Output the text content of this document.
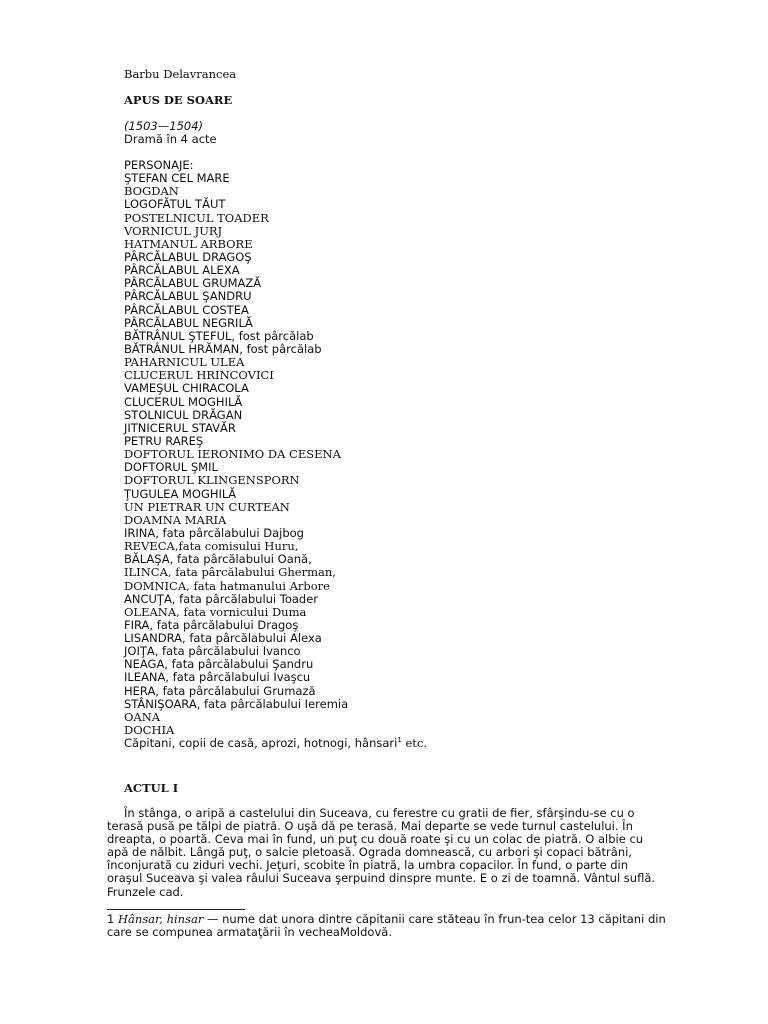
Barbu Delavrancea
APUS DE SOARE
(1503—1504)
Dramă în 4 acte
PERSONAJE:
ŞTEFAN CEL MARE
BOGDAN
LOGOFĂTUL TĂUT
POSTELNICUL TOADER
VORNICUL JURJ
HATMANUL ARBORE
PÂRCĂLABUL DRAGOŞ
PÂRCĂLABUL ALEXA
PÂRCĂLABUL GRUMAZĂ
PÂRCĂLABUL ŞANDRU
PÂRCĂLABUL COSTEA
PÂRCĂLABUL NEGRILĂ
BĂTRÂNUL ŞTEFUL, fost pârcălab
BĂTRÂNUL HRĂMAN, fost pârcălab
PAHARNICUL ULEA
CLUCERUL HRINCOVICI
VAMEŞUL CHIRACOLA
CLUCERUL MOGHILĂ
STOLNICUL DRĂGAN
JITNICERUL STAVĂR
PETRU RAREŞ
DOFTORUL IERONIMO DA CESENA
DOFTORUL ŞMIL
DOFTORUL KLINGENSPORN
ŢUGULEA MOGHILĂ
UN PIETRAR UN CURTEAN
DOAMNA MARIA
IRINA, fata pârcălabului Dajbog
REVECA,fata comisului Huru,
BĂLAŞA, fata pârcălabului Oană,
ILINCA, fata pârcălabului Gherman,
DOMNICA, fata hatmanului Arbore
ANCUŢA, fata pârcălabului Toader
OLEANA, fata vornicului Duma
FIRA, fata pârcălabului Dragoş
LISANDRA, fata pârcălabului Alexa
JOIŢA, fata pârcălabului Ivanco
NEAGA, fata pârcălabului Şandru
ILEANA, fata pârcălabului Ivaşcu
HERA, fata pârcălabului Grumază
STÂNIŞOARA, fata pârcălabului Ieremia
OANA
DOCHIA
Căpitani, copii de casă, aprozi, hotnogi, hânsari$^1$ etc.
ACTUL I

În stânga, o aripă a castelului din Suceava, cu ferestre cu gratii de fier, sfârşindu-se cu o terasă pusă pe tălpi de piatră. O uşă dă pe terasă. Mai departe se vede turnul castelului. În dreapta, o poartă. Ceva mai în fund, un puţ cu două roate şi cu un colac de piatră. O albie cu apă de nălbit. Lângă puţ, o salcie pletoasă. Ograda domnească, cu arbori şi copaci bătrâni, înconjurată cu ziduri vechi. Jeţuri, scobite în piatră, la umbra copacilor. În fund, o parte din oraşul Suceava şi valea râului Suceava şerpuind dinspre munte. E o zi de toamnă. Vântul suflă. Frunzele cad.

1 Hânsar, hinsar — nume dat unora dintre căpitanii care stăteau în frun-tea celor 13 căpitani din care se compunea armataţării în vecheaMoldovă.
